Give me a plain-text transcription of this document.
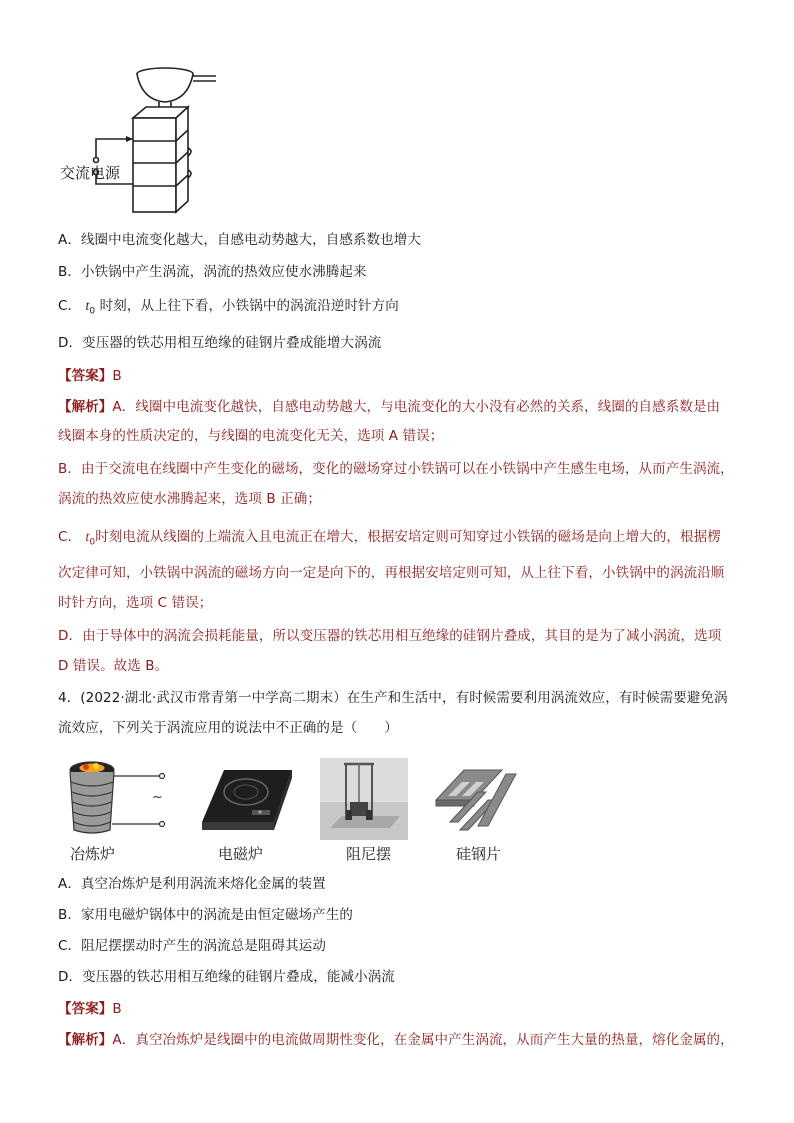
交流电源
A．线圈中电流变化越大，自感电动势越大，自感系数也增大
B．小铁锅中产生涡流，涡流的热效应使水沸腾起来
C． $t_0$ 时刻，从上往下看，小铁锅中的涡流沿逆时针方向
D．变压器的铁芯用相互绝缘的硅钢片叠成能增大涡流
【答案】B
【解析】A．线圈中电流变化越快，自感电动势越大，与电流变化的大小没有必然的关系，线圈的自感系数是由
线圈本身的性质决定的，与线圈的电流变化无关，选项 A 错误；
B．由于交流电在线圈中产生变化的磁场，变化的磁场穿过小铁锅可以在小铁锅中产生感生电场，从而产生涡流，
涡流的热效应使水沸腾起来，选项 B 正确；
C． $t_0$时刻电流从线圈的上端流入且电流正在增大，根据安培定则可知穿过小铁锅的磁场是向上增大的，根据楞
次定律可知，小铁锅中涡流的磁场方向一定是向下的，再根据安培定则可知，从上往下看，小铁锅中的涡流沿顺
时针方向，选项 C 错误；
D．由于导体中的涡流会损耗能量，所以变压器的铁芯用相互绝缘的硅钢片叠成，其目的是为了减小涡流，选项
D 错误。故选 B。
4．(2022·湖北·武汉市常青第一中学高二期末）在生产和生活中，有时候需要利用涡流效应，有时候需要避免涡
流效应，下列关于涡流应用的说法中不正确的是（　　）
~
冶炼炉	电磁炉	阻尼摆	硅钢片
A．真空冶炼炉是利用涡流来熔化金属的装置
B．家用电磁炉锅体中的涡流是由恒定磁场产生的
C．阻尼摆摆动时产生的涡流总是阻碍其运动
D．变压器的铁芯用相互绝缘的硅钢片叠成，能减小涡流
【答案】B
【解析】A．真空冶炼炉是线圈中的电流做周期性变化，在金属中产生涡流，从而产生大量的热量，熔化金属的，
